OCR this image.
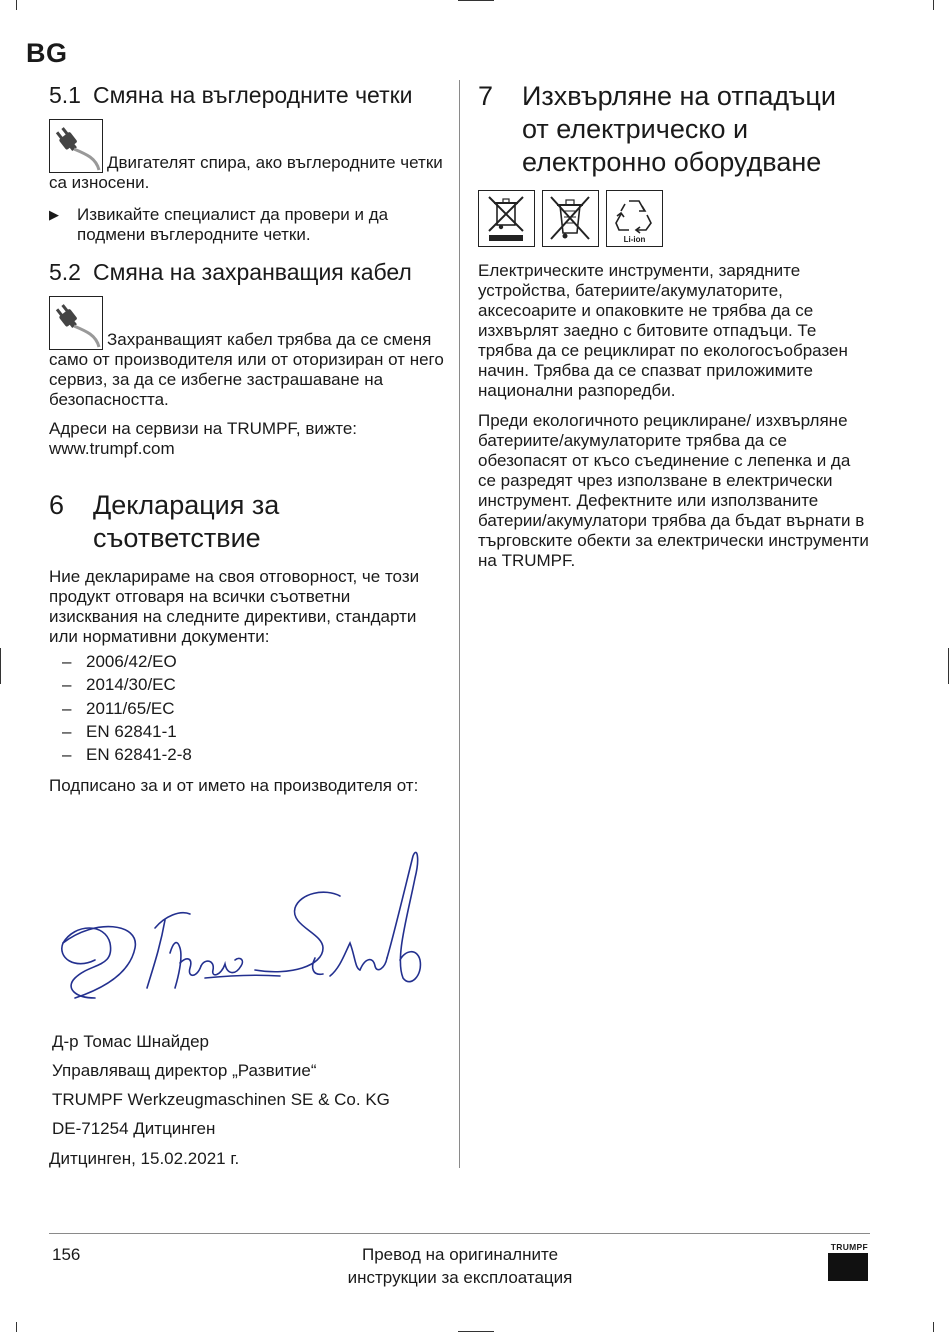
BG
5.1 Смяна на въглеродните четки
Двигателят спира, ако въглеродните четки са износени.
▶	Извикайте специалист да провери и да подмени въглеродните четки.
5.2 Смяна на захранващия кабел
Захранващият кабел трябва да се сменя само от производителя или от оторизиран от него сервиз, за да се избегне застрашаване на безопасността.
Адреси на сервизи на TRUMPF, вижте: www.trumpf.com
6	Декларация за
съответствие
Ние декларираме на своя отговорност, че този продукт отговаря на всички съответни изисквания на следните директиви, стандарти или нормативни документи:
– 2006/42/EO
– 2014/30/EC
– 2011/65/EC
– EN 62841-1
– EN 62841-2-8
Подписано за и от името на производителя от:
Д-р Томас Шнайдер
Управляващ директор „Развитие“
TRUMPF Werkzeugmaschinen SE & Co. KG
DE-71254 Дитцинген
Дитцинген, 15.02.2021 г.
7	Изхвърляне на отпадъци
от електрическо и
електронно оборудване
Li-ion
Електрическите инструменти, зарядните устройства, батериите/акумулаторите, аксесоарите и опаковките не трябва да се изхвърлят заедно с битовите отпадъци. Те трябва да се рециклират по екологосъобразен начин. Трябва да се спазват приложимите национални разпоредби.
Преди екологичното рециклиране/ изхвърляне батериите/акумулаторите трябва да се обезопасят от късо съединение с лепенка и да се разредят чрез използване в електрически инструмент. Дефектните или използваните батерии/акумулатори трябва да бъдат върнати в търговските обекти за електрически инструменти на TRUMPF.
156	Превод на оригиналните
инструкции за експлоатация
TRUMPF
